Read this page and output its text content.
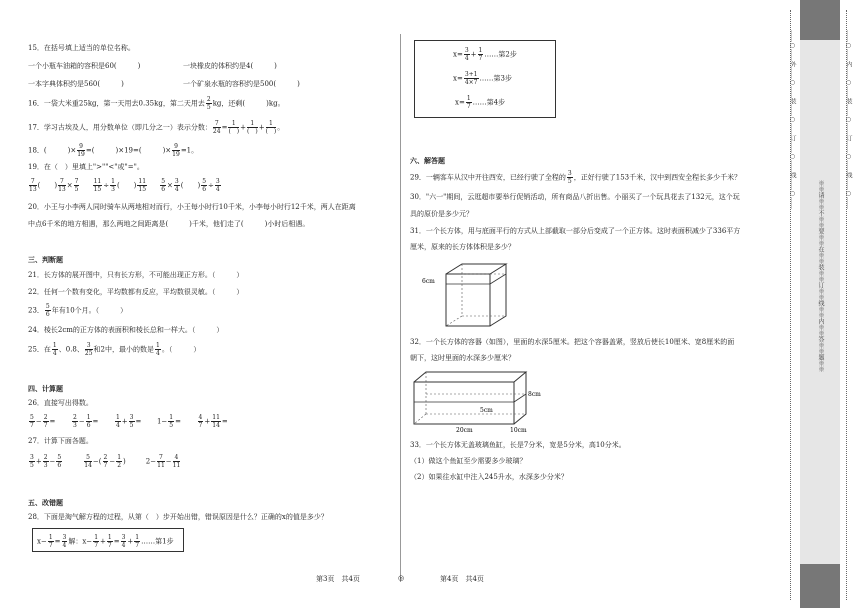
15．在括号填上适当的单位名称。
一个小瓶车油箱的容积是60(　　　)	一块橡皮的体积约是4(　　　)
一本字典体积约是560(　　　)	一个矿泉水瓶的容积约是500(　　　)
16．一袋大米重25kg，第一天用去0.35kg，第二天用去 $\frac{2}{5}$ kg，还剩(　　　)kg。
17．学习古埃及人，用分数单位（即几分之一）表示分数： $\frac{7}{24} = \frac{1}{( )} + \frac{1}{( )} + \frac{1}{( )}$ 。
18．(　　　)× $\frac{9}{19}$ =(　　　)×19=(　　　)× $\frac{9}{19} =1$。
19．在（　）里填上">""<"或"="。
$\frac{7}{13}$ (　　) $\frac{7}{13} \times \frac{7}{5}$
$\frac{11}{15} \div \frac{1}{3}$ (　　) $\frac{11}{15}$
$\frac{5}{6} \times \frac{3}{4}$ (　　) $\frac{5}{6} \div \frac{3}{4}$
20．小王与小李两人同时骑车从两地相对而行，小王每小时行10千米，小李每小时行12千米，两人在距离
中点6千米的地方相遇，那么两地之间距离是(　　　)千米，他们走了(　　　)小时后相遇。
三、判断题
21．长方体的展开图中，只有长方形，不可能出现正方形。（　　　）
22．任何一个数有变化，平均数都有反应，平均数很灵敏。（　　　）
23． $\frac{5}{6}$ 年有10个月。（　　　）
24．棱长2cm的正方体的表面积和棱长总和一样大。（　　　）
25．在 $\frac{1}{4}$ 、0.8、 $\frac{3}{25}$ 和2中，最小的数是 $\frac{1}{4}$ 。（　　　）
四、计算题
26．直接写出得数。
$\frac{5}{7} - \frac{2}{7} = \frac{2}{3} - \frac{1}{6} = \frac{1}{4} + \frac{3}{5}$ =       $1- \frac{1}{5} = \frac{4}{7} + \frac{11}{14}$ =
27．计算下面各题。
$\frac{3}{5} + \frac{2}{3} - \frac{5}{6}$
	$\frac{5}{14}$ −( $\frac{2}{7} - \frac{1}{2}$ )         $2- \frac{7}{11} - \frac{4}{11}$
五、改错题
28．下面是淘气解方程的过程，从第（　）步开始出错，错误原因是什么？正确的x的值是多少？
$x- \frac{1}{7} = \frac{3}{4}$ 解：$x- \frac{1}{7} + \frac{1}{7} = \frac{3}{4} + \frac{1}{7}$ ……第1步
$x= \frac{3}{4} + \frac{1}{7}$ ……第2步
$x= \frac{3+1}{4\times 7}$ ……第3步
$x= \frac{1}{7}$ ……第4步
六、解答题
29．一辆客车从汉中开往西安，已经行驶了全程的 $\frac{3}{5}$ ，正好行驶了153千米，汉中到西安全程长多少千米？
30．"六一"期间，云逛超市要举行促销活动，所有商品八折出售。小丽买了一个玩具花去了132元，这个玩
具的原价是多少元？
31．一个长方体，用与底面平行的方式从上部截取一部分后变成了一个正方体。这时表面积减少了336平方
厘米，原来的长方体体积是多少？
6cm
32．一个长方体的容器（如图），里面的水深5厘米。把这个容器盖紧，竖放后使长10厘米、宽8厘米的面
朝下，这时里面的水深多少厘米？
8cm
5cm
10cm
20cm
33．一个长方体无盖玻璃鱼缸，长是7分米，宽是5分米，高10分米。
（1）做这个鱼缸至少需要多少玻璃？
（2）如果往水缸中注入245升水，水深多少分米？
第3页　共4页	◎	第4页　共4页
……○……外……○……装……○……订……○……线……○……
※※请※※不※※要※※在※※装※※订※※线※※内※※答※※题※※
……○……内……○……装……○……订……○……线……○……
